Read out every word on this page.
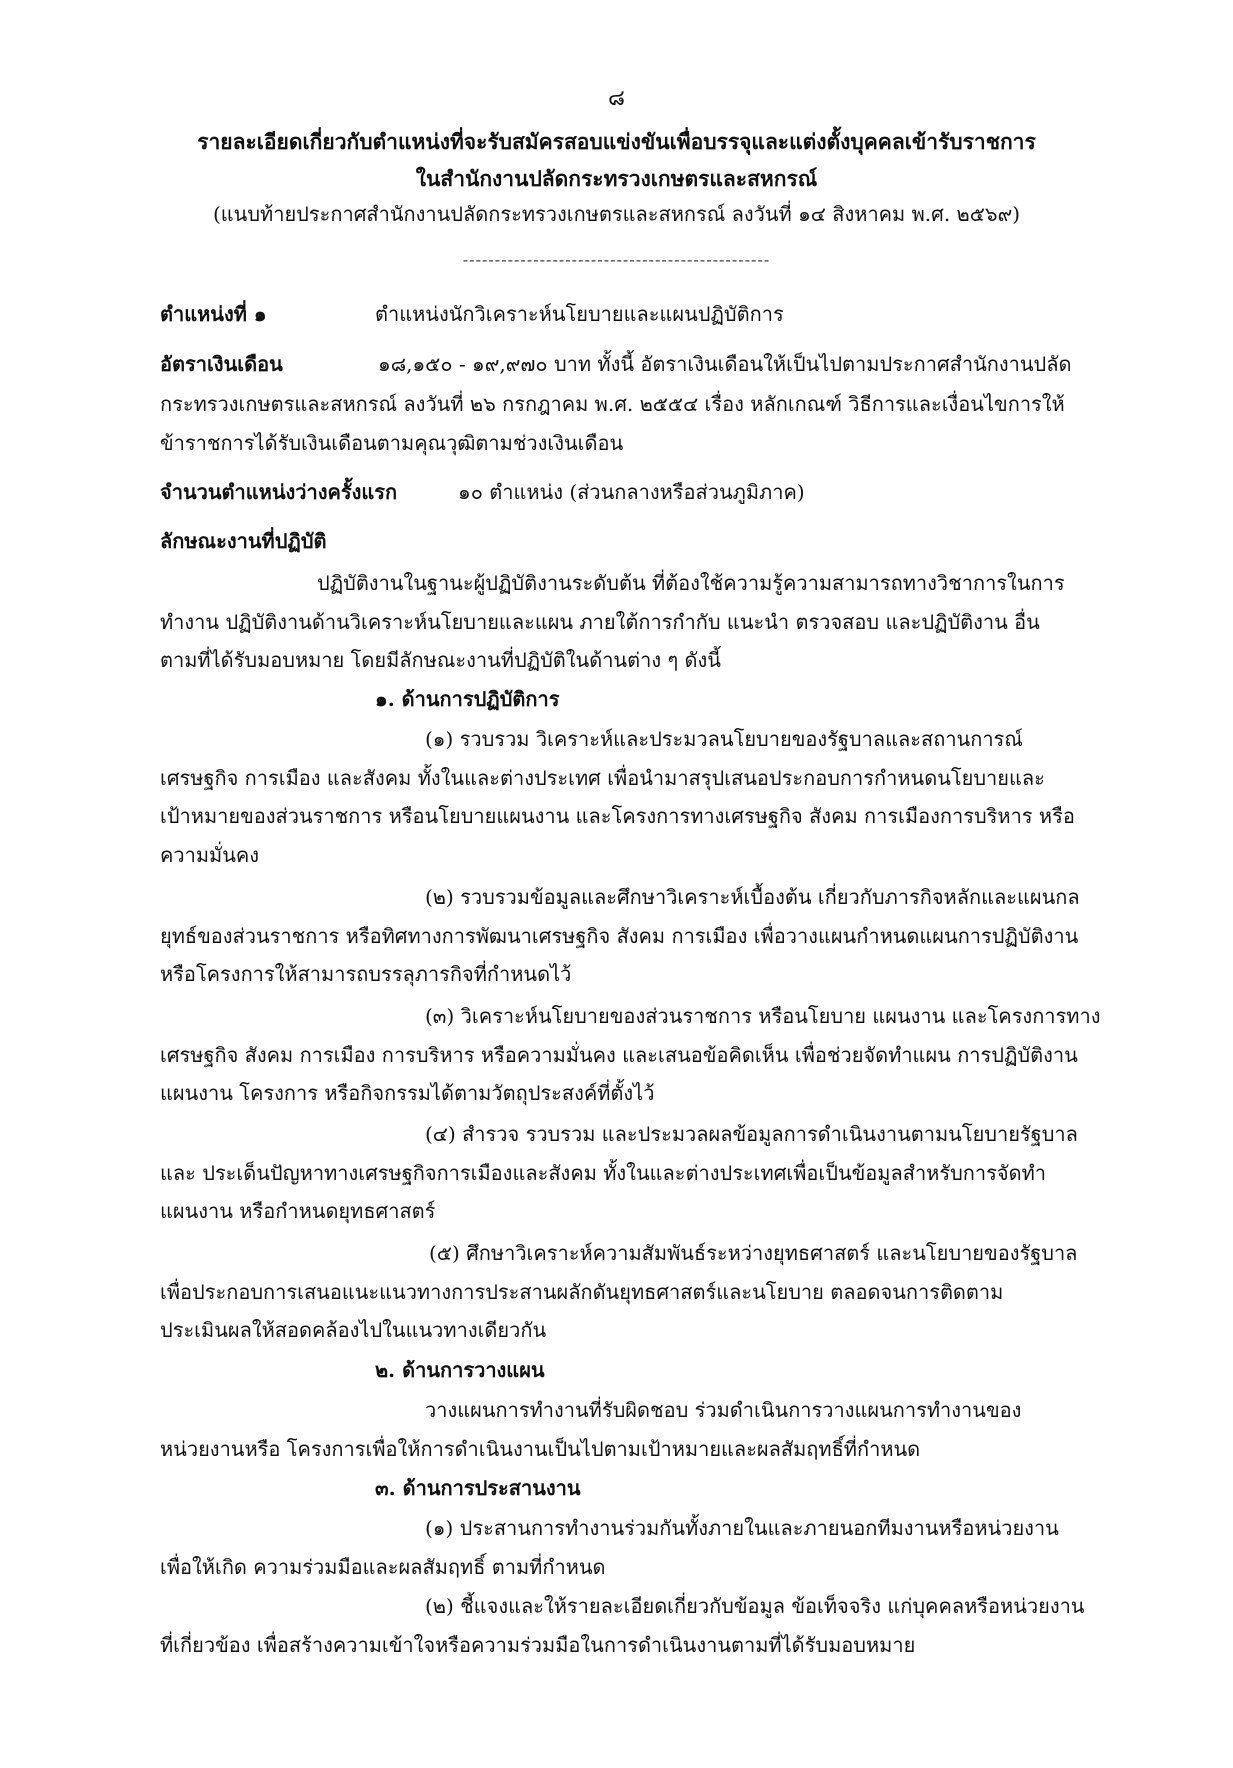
๘
รายละเอียดเกี่ยวกับตำแหน่งที่จะรับสมัครสอบแข่งขันเพื่อบรรจุและแต่งตั้งบุคคลเข้ารับราชการ
ในสำนักงานปลัดกระทรวงเกษตรและสหกรณ์
(แนบท้ายประกาศสำนักงานปลัดกระทรวงเกษตรและสหกรณ์ ลงวันที่ ๑๔ สิงหาคม พ.ศ. ๒๕๖๙)
------------------------------------------------
ตำแหน่งที่ ๑	ตำแหน่งนักวิเคราะห์นโยบายและแผนปฏิบัติการ
อัตราเงินเดือน	๑๘,๑๕๐ - ๑๙,๙๗๐ บาท ทั้งนี้ อัตราเงินเดือนให้เป็นไปตามประกาศสำนักงานปลัด
กระทรวงเกษตรและสหกรณ์ ลงวันที่ ๒๖ กรกฎาคม พ.ศ. ๒๕๕๔ เรื่อง หลักเกณฑ์ วิธีการและเงื่อนไขการให้
ข้าราชการได้รับเงินเดือนตามคุณวุฒิตามช่วงเงินเดือน
จำนวนตำแหน่งว่างครั้งแรก	๑๐ ตำแหน่ง (ส่วนกลางหรือส่วนภูมิภาค)
ลักษณะงานที่ปฏิบัติ
ปฏิบัติงานในฐานะผู้ปฏิบัติงานระดับต้น ที่ต้องใช้ความรู้ความสามารถทางวิชาการในการ
ทำงาน ปฏิบัติงานด้านวิเคราะห์นโยบายและแผน ภายใต้การกำกับ แนะนำ ตรวจสอบ และปฏิบัติงาน อื่น
ตามที่ได้รับมอบหมาย โดยมีลักษณะงานที่ปฏิบัติในด้านต่าง ๆ ดังนี้
๑. ด้านการปฏิบัติการ
(๑) รวบรวม วิเคราะห์และประมวลนโยบายของรัฐบาลและสถานการณ์
เศรษฐกิจ การเมือง และสังคม ทั้งในและต่างประเทศ เพื่อนำมาสรุปเสนอประกอบการกำหนดนโยบายและ
เป้าหมายของส่วนราชการ หรือนโยบายแผนงาน และโครงการทางเศรษฐกิจ สังคม การเมืองการบริหาร หรือ
ความมั่นคง
(๒) รวบรวมข้อมูลและศึกษาวิเคราะห์เบื้องต้น เกี่ยวกับภารกิจหลักและแผนกล
ยุทธ์ของส่วนราชการ หรือทิศทางการพัฒนาเศรษฐกิจ สังคม การเมือง เพื่อวางแผนกำหนดแผนการปฏิบัติงาน
หรือโครงการให้สามารถบรรลุภารกิจที่กำหนดไว้
(๓) วิเคราะห์นโยบายของส่วนราชการ หรือนโยบาย แผนงาน และโครงการทาง
เศรษฐกิจ สังคม การเมือง การบริหาร หรือความมั่นคง และเสนอข้อคิดเห็น เพื่อช่วยจัดทำแผน การปฏิบัติงาน
แผนงาน โครงการ หรือกิจกรรมได้ตามวัตถุประสงค์ที่ตั้งไว้
(๔) สำรวจ รวบรวม และประมวลผลข้อมูลการดำเนินงานตามนโยบายรัฐบาล
และ ประเด็นปัญหาทางเศรษฐกิจการเมืองและสังคม ทั้งในและต่างประเทศเพื่อเป็นข้อมูลสำหรับการจัดทำ
แผนงาน หรือกำหนดยุทธศาสตร์
(๕) ศึกษาวิเคราะห์ความสัมพันธ์ระหว่างยุทธศาสตร์ และนโยบายของรัฐบาล
เพื่อประกอบการเสนอแนะแนวทางการประสานผลักดันยุทธศาสตร์และนโยบาย ตลอดจนการติดตาม
ประเมินผลให้สอดคล้องไปในแนวทางเดียวกัน
๒. ด้านการวางแผน
วางแผนการทำงานที่รับผิดชอบ ร่วมดำเนินการวางแผนการทำงานของ
หน่วยงานหรือ โครงการเพื่อให้การดำเนินงานเป็นไปตามเป้าหมายและผลสัมฤทธิ์ที่กำหนด
๓. ด้านการประสานงาน
(๑) ประสานการทำงานร่วมกันทั้งภายในและภายนอกทีมงานหรือหน่วยงาน
เพื่อให้เกิด ความร่วมมือและผลสัมฤทธิ์ ตามที่กำหนด
(๒) ชี้แจงและให้รายละเอียดเกี่ยวกับข้อมูล ข้อเท็จจริง แก่บุคคลหรือหน่วยงาน
ที่เกี่ยวข้อง เพื่อสร้างความเข้าใจหรือความร่วมมือในการดำเนินงานตามที่ได้รับมอบหมาย
